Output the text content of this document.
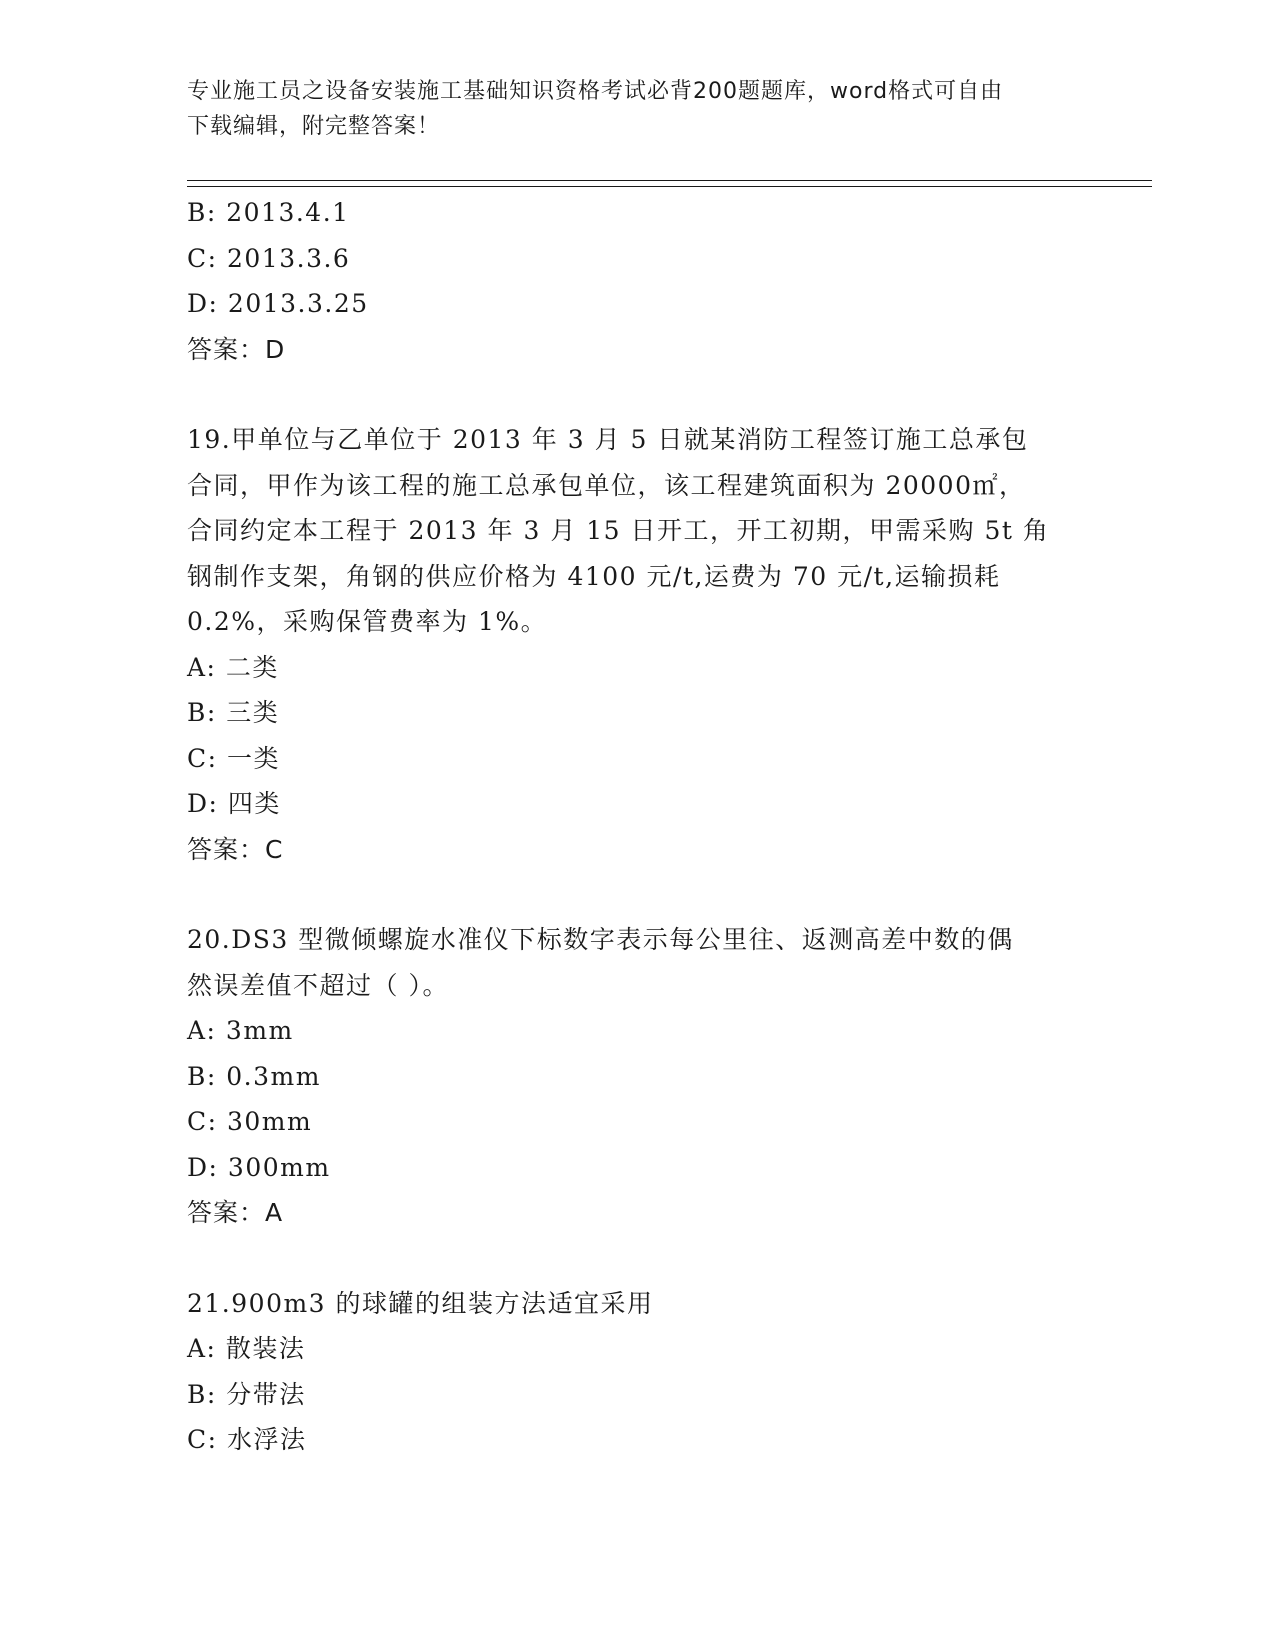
专业施工员之设备安装施工基础知识资格考试必背200题题库，word格式可自由
下载编辑，附完整答案！
B: 2013.4.1
C: 2013.3.6
D: 2013.3.25
答案：D
19.甲单位与乙单位于 2013 年 3 月 5 日就某消防工程签订施工总承包
合同，甲作为该工程的施工总承包单位，该工程建筑面积为 20000㎡，
合同约定本工程于 2013 年 3 月 15 日开工，开工初期，甲需采购 5t 角
钢制作支架，角钢的供应价格为 4100 元/t,运费为 70 元/t,运输损耗
0.2%，采购保管费率为 1%。
A: 二类
B: 三类
C: 一类
D: 四类
答案：C
20.DS3 型微倾螺旋水准仪下标数字表示每公里往、返测高差中数的偶
然误差值不超过（ ）。
A: 3mm
B: 0.3mm
C: 30mm
D: 300mm
答案：A
21.900m3 的球罐的组装方法适宜采用
A: 散装法
B: 分带法
C: 水浮法
